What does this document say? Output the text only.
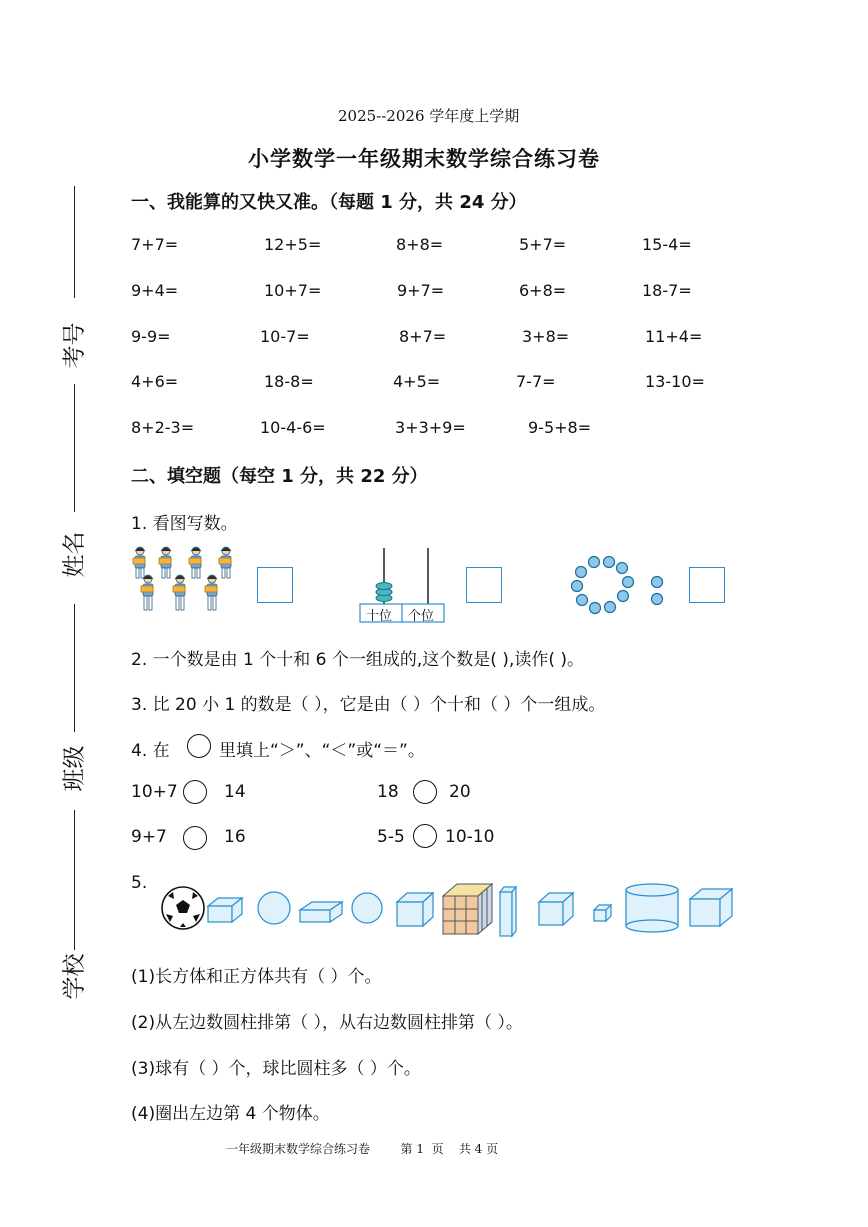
2025--2026 学年度上学期
小学数学一年级期末数学综合练习卷
考号
姓名
班级
学校
一、我能算的又快又准。（每题 1 分，共 24 分）
7+7=	12+5=	8+8=	5+7=	15-4=
9+4=	10+7=	9+7=	6+8=	18-7=
9-9=	10-7=	8+7=	3+8=	11+4=
4+6=	18-8=	4+5=	7-7=	13-10=
8+2-3=	10-4-6=	3+3+9=	9-5+8=
二、填空题（每空 1 分，共 22 分）
1. 看图写数。
十位 个位
2. 一个数是由 1 个十和 6 个一组成的,这个数是( ),读作( )。
3. 比 20 小 1 的数是（ ），它是由（ ）个十和（ ）个一组成。
4. 在	里填上“＞”、“＜”或“＝”。
10+7	14	18	20
9+7	16	5-5 10-10
5.
(1)长方体和正方体共有（ ）个。
(2)从左边数圆柱排第（ ），从右边数圆柱排第（ ）。
(3)球有（ ）个，球比圆柱多（ ）个。
(4)圈出左边第 4 个物体。
一年级期末数学综合练习卷        第 1  页    共 4 页
